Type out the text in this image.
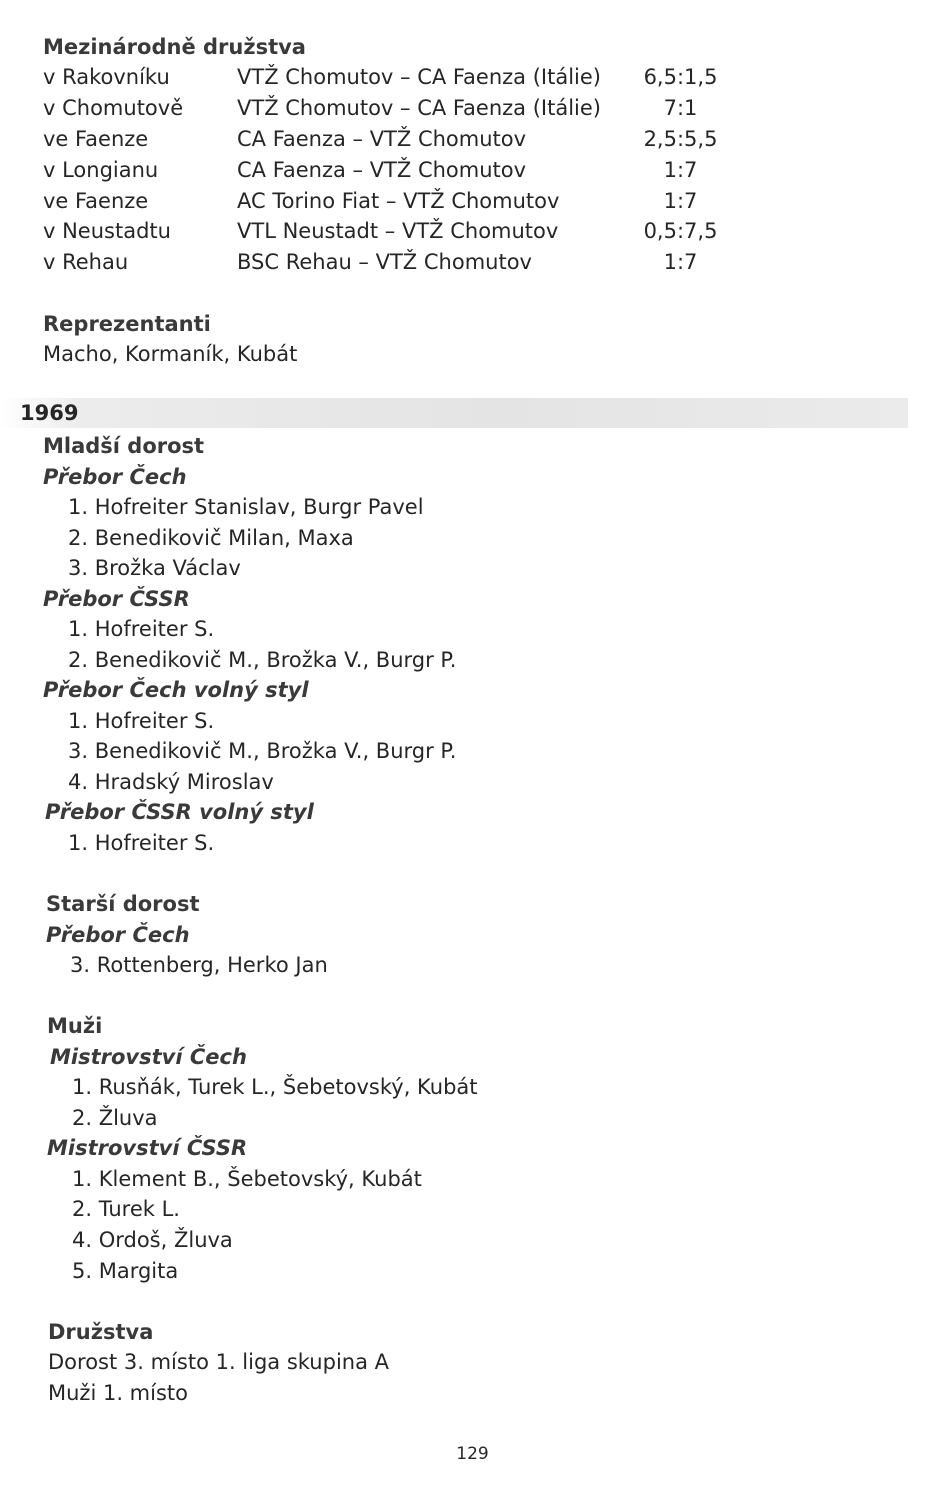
Mezinárodně družstva
v Rakovníku	VTŽ Chomutov – CA Faenza (Itálie)	6,5:1,5
v Chomutově	VTŽ Chomutov – CA Faenza (Itálie)	7:1
ve Faenze	CA Faenza – VTŽ Chomutov	2,5:5,5
v Longianu	CA Faenza – VTŽ Chomutov	1:7
ve Faenze	AC Torino Fiat – VTŽ Chomutov	1:7
v Neustadtu	VTL Neustadt – VTŽ Chomutov	0,5:7,5
v Rehau	BSC Rehau – VTŽ Chomutov	1:7
Reprezentanti
Macho, Kormaník, Kubát
1969
Mladší dorost
Přebor Čech
1. Hofreiter Stanislav, Burgr Pavel
2. Benedikovič Milan, Maxa
3. Brožka Václav
Přebor ČSSR
1. Hofreiter S.
2. Benedikovič M., Brožka V., Burgr P.
Přebor Čech volný styl
1. Hofreiter S.
3. Benedikovič M., Brožka V., Burgr P.
4. Hradský Miroslav
Přebor ČSSR volný styl
1. Hofreiter S.
Starší dorost
Přebor Čech
3. Rottenberg, Herko Jan
Muži
Mistrovství Čech
1. Rusňák, Turek L., Šebetovský, Kubát
2. Žluva
Mistrovství ČSSR
1. Klement B., Šebetovský, Kubát
2. Turek L.
4. Ordoš, Žluva
5. Margita
Družstva
Dorost 3. místo 1. liga skupina A
Muži 1. místo
129
